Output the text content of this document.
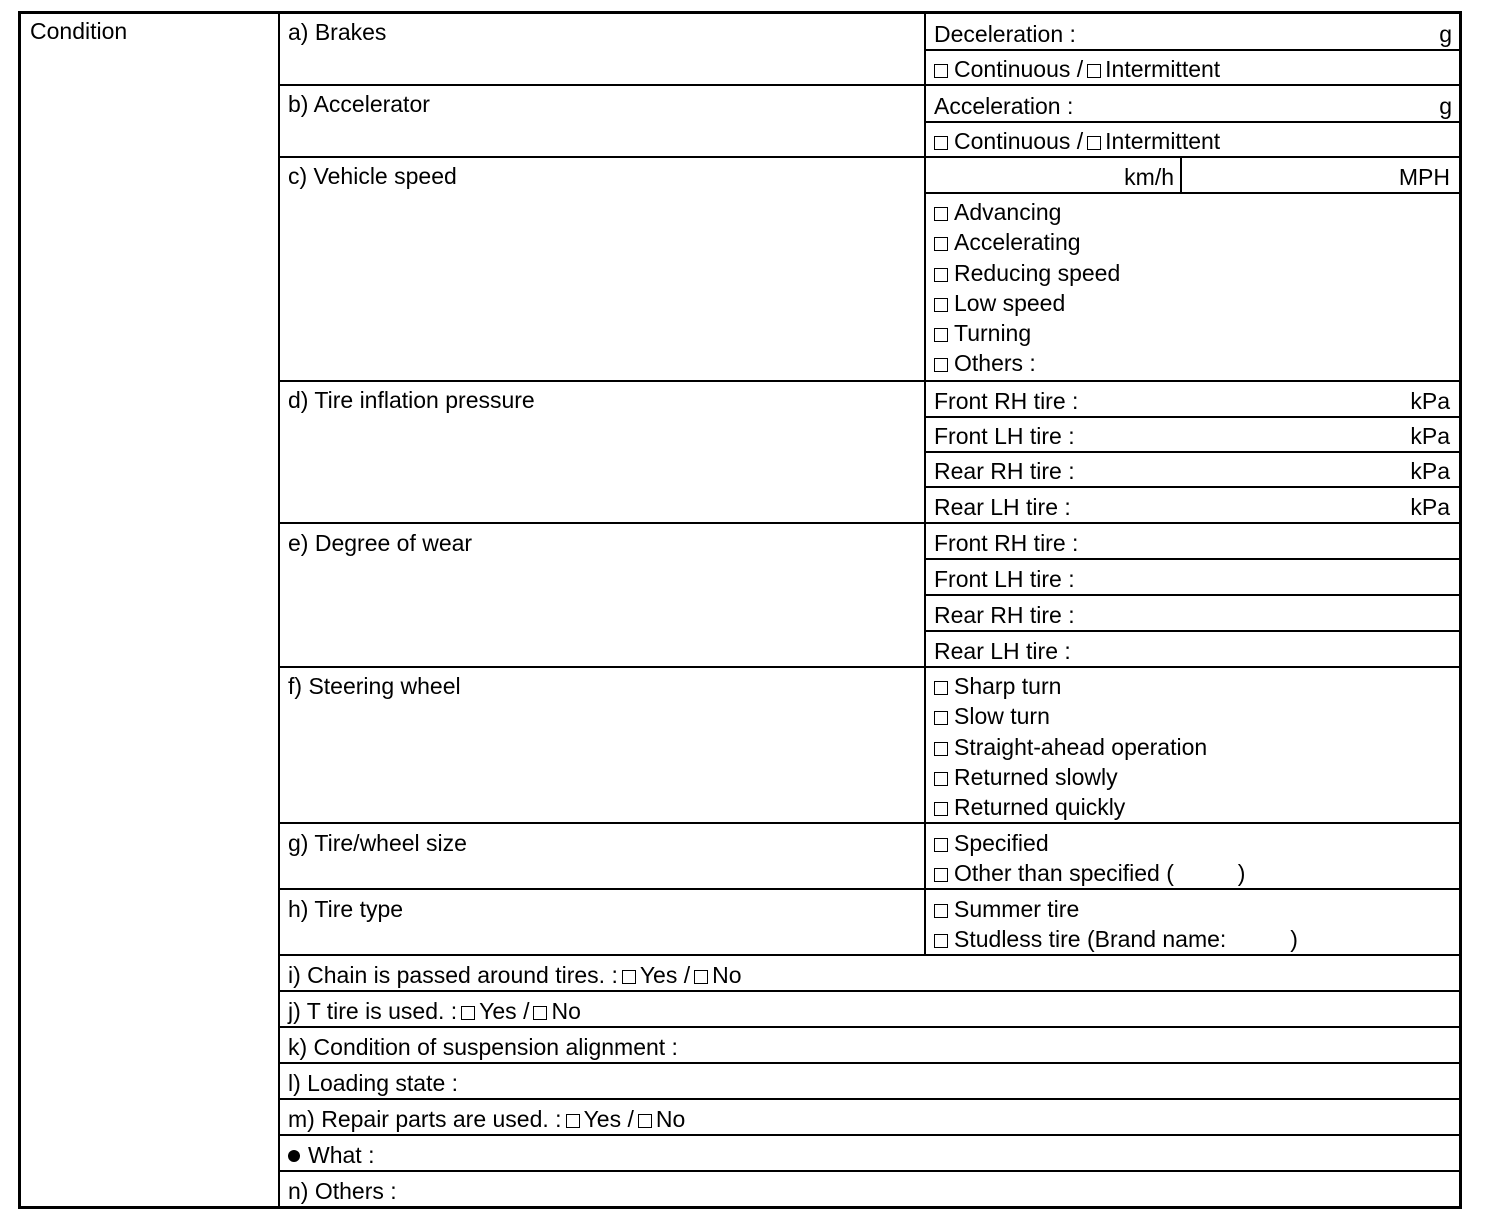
Condition	a) Brakes	Deceleration :	g
Continuous / Intermittent
b) Accelerator	Acceleration :	g
Continuous / Intermittent
c) Vehicle speed	km/h	MPH
Advancing
Accelerating
Reducing speed
Low speed
Turning
Others :
d) Tire inflation pressure	Front RH tire :	kPa
Front LH tire :	kPa
Rear RH tire :	kPa
Rear LH tire :	kPa
e) Degree of wear	Front RH tire :
Front LH tire :
Rear RH tire :
Rear LH tire :
f) Steering wheel	Sharp turn
Slow turn
Straight-ahead operation
Returned slowly
Returned quickly
g) Tire/wheel size	Specified
Other than specified (          )
h) Tire type	Summer tire
Studless tire (Brand name:          )
i) Chain is passed around tires. : Yes / No
j) T tire is used. : Yes / No
k) Condition of suspension alignment :
l) Loading state :
m) Repair parts are used. : Yes / No
What :
n) Others :
